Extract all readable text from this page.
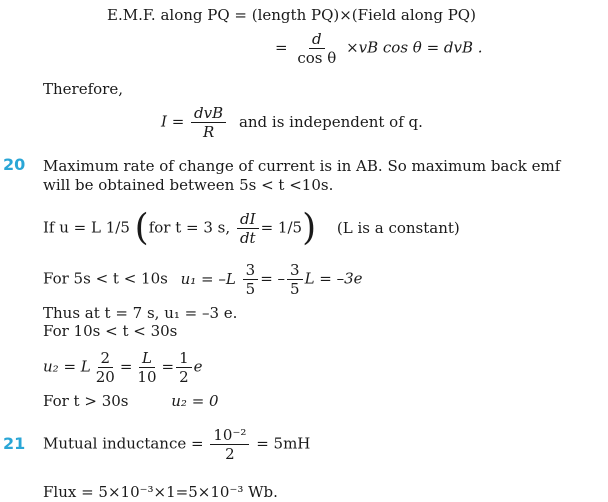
E.M.F. along PQ = (length PQ)×(Field along PQ)
= $\frac{d}{\text{cos θ}} \times vB$ cos θ = dvB .
Therefore,
$I = \frac{\text{dvB}}{R}$ and is independent of q.
20 Maximum rate of change of current is in AB. So maximum back emf
will be obtained between 5s < t <10s.
If u = L 1/5 (for t = 3 s, $\frac{dI}{dt} = 1/5$) (L is a constant)
For 5s < t < 10s $u_1 = -L \frac{3}{5}$ = – $\frac{3}{5}$ L = –3e
Thus at t = 7 s, u₁ = –3 e.
For 10s < t < 30s
u₂ = L $\frac{2}{20} = \frac{L}{10} = \frac{1}{2}$ e
For t > 30s	u₂ = 0
21 Mutual inductance = $\frac{\text{10⁻²}}{2} = 5mH$
Flux = 5×10⁻³×1=5×10⁻³ Wb.
